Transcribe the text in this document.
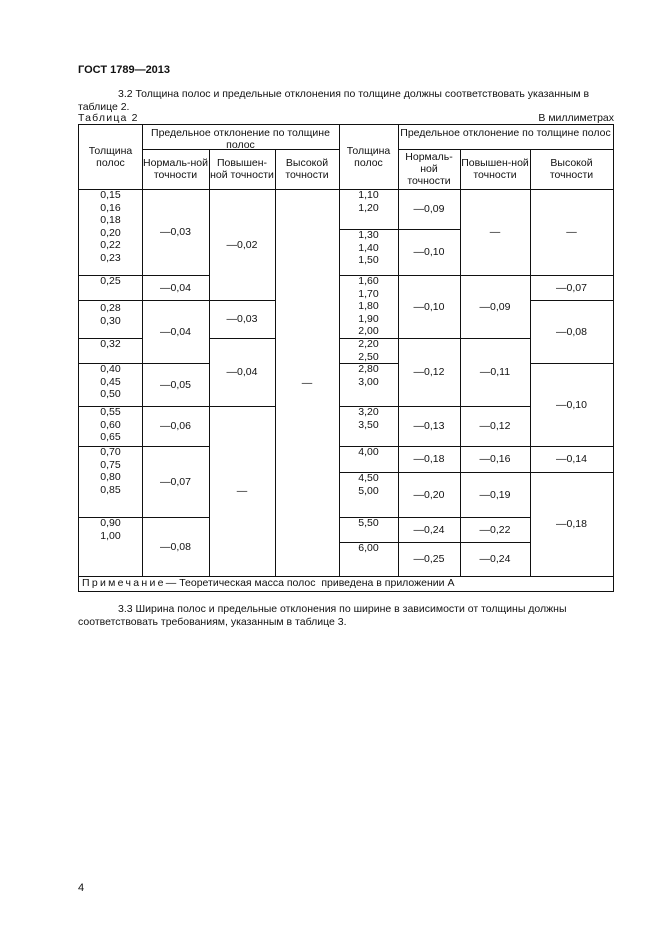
ГОСТ 1789—2013
3.2 Толщина полос и предельные отклонения по толщине должны соответствовать указанным в таблице 2.
Таблица 2	В миллиметрах
Толщина полос
Предельное отклонение по толщине полос
Нормаль-ной точности
Повышен-ной точности
Высокой точности
Толщина полос
Предельное отклонение по толщине полос
Нормаль-ной точности
Повышен-ной точности
Высокой точности
0,15
0,16
0,18
0,20
0,22
0,23
0,25
0,28
0,30
0,32
0,40
0,45
0,50
0,55
0,60
0,65
0,70
0,75
0,80
0,85
0,90
1,00
—0,03
—0,04
—0,04
—0,05
—0,06
—0,07
—0,08
—0,02
—0,03
—0,04
—
—
1,10
1,20
1,30
1,40
1,50
1,60
1,70
1,80
1,90
2,00
2,20
2,50
2,80
3,00
3,20
3,50
4,00
4,50
5,00
5,50
6,00
—0,09
—0,10
—0,10
—0,12
—0,13
—0,18
—0,20
—0,24
—0,25
—
—0,09
—0,11
—0,12
—0,16
—0,19
—0,22
—0,24
—
—0,07
—0,08
—0,10
—0,14
—0,18
Примечание — Теоретическая масса полос  приведена в приложении А
3.3 Ширина полос и предельные отклонения по ширине в зависимости от толщины должны соответствовать требованиям, указанным в таблице 3.
4
